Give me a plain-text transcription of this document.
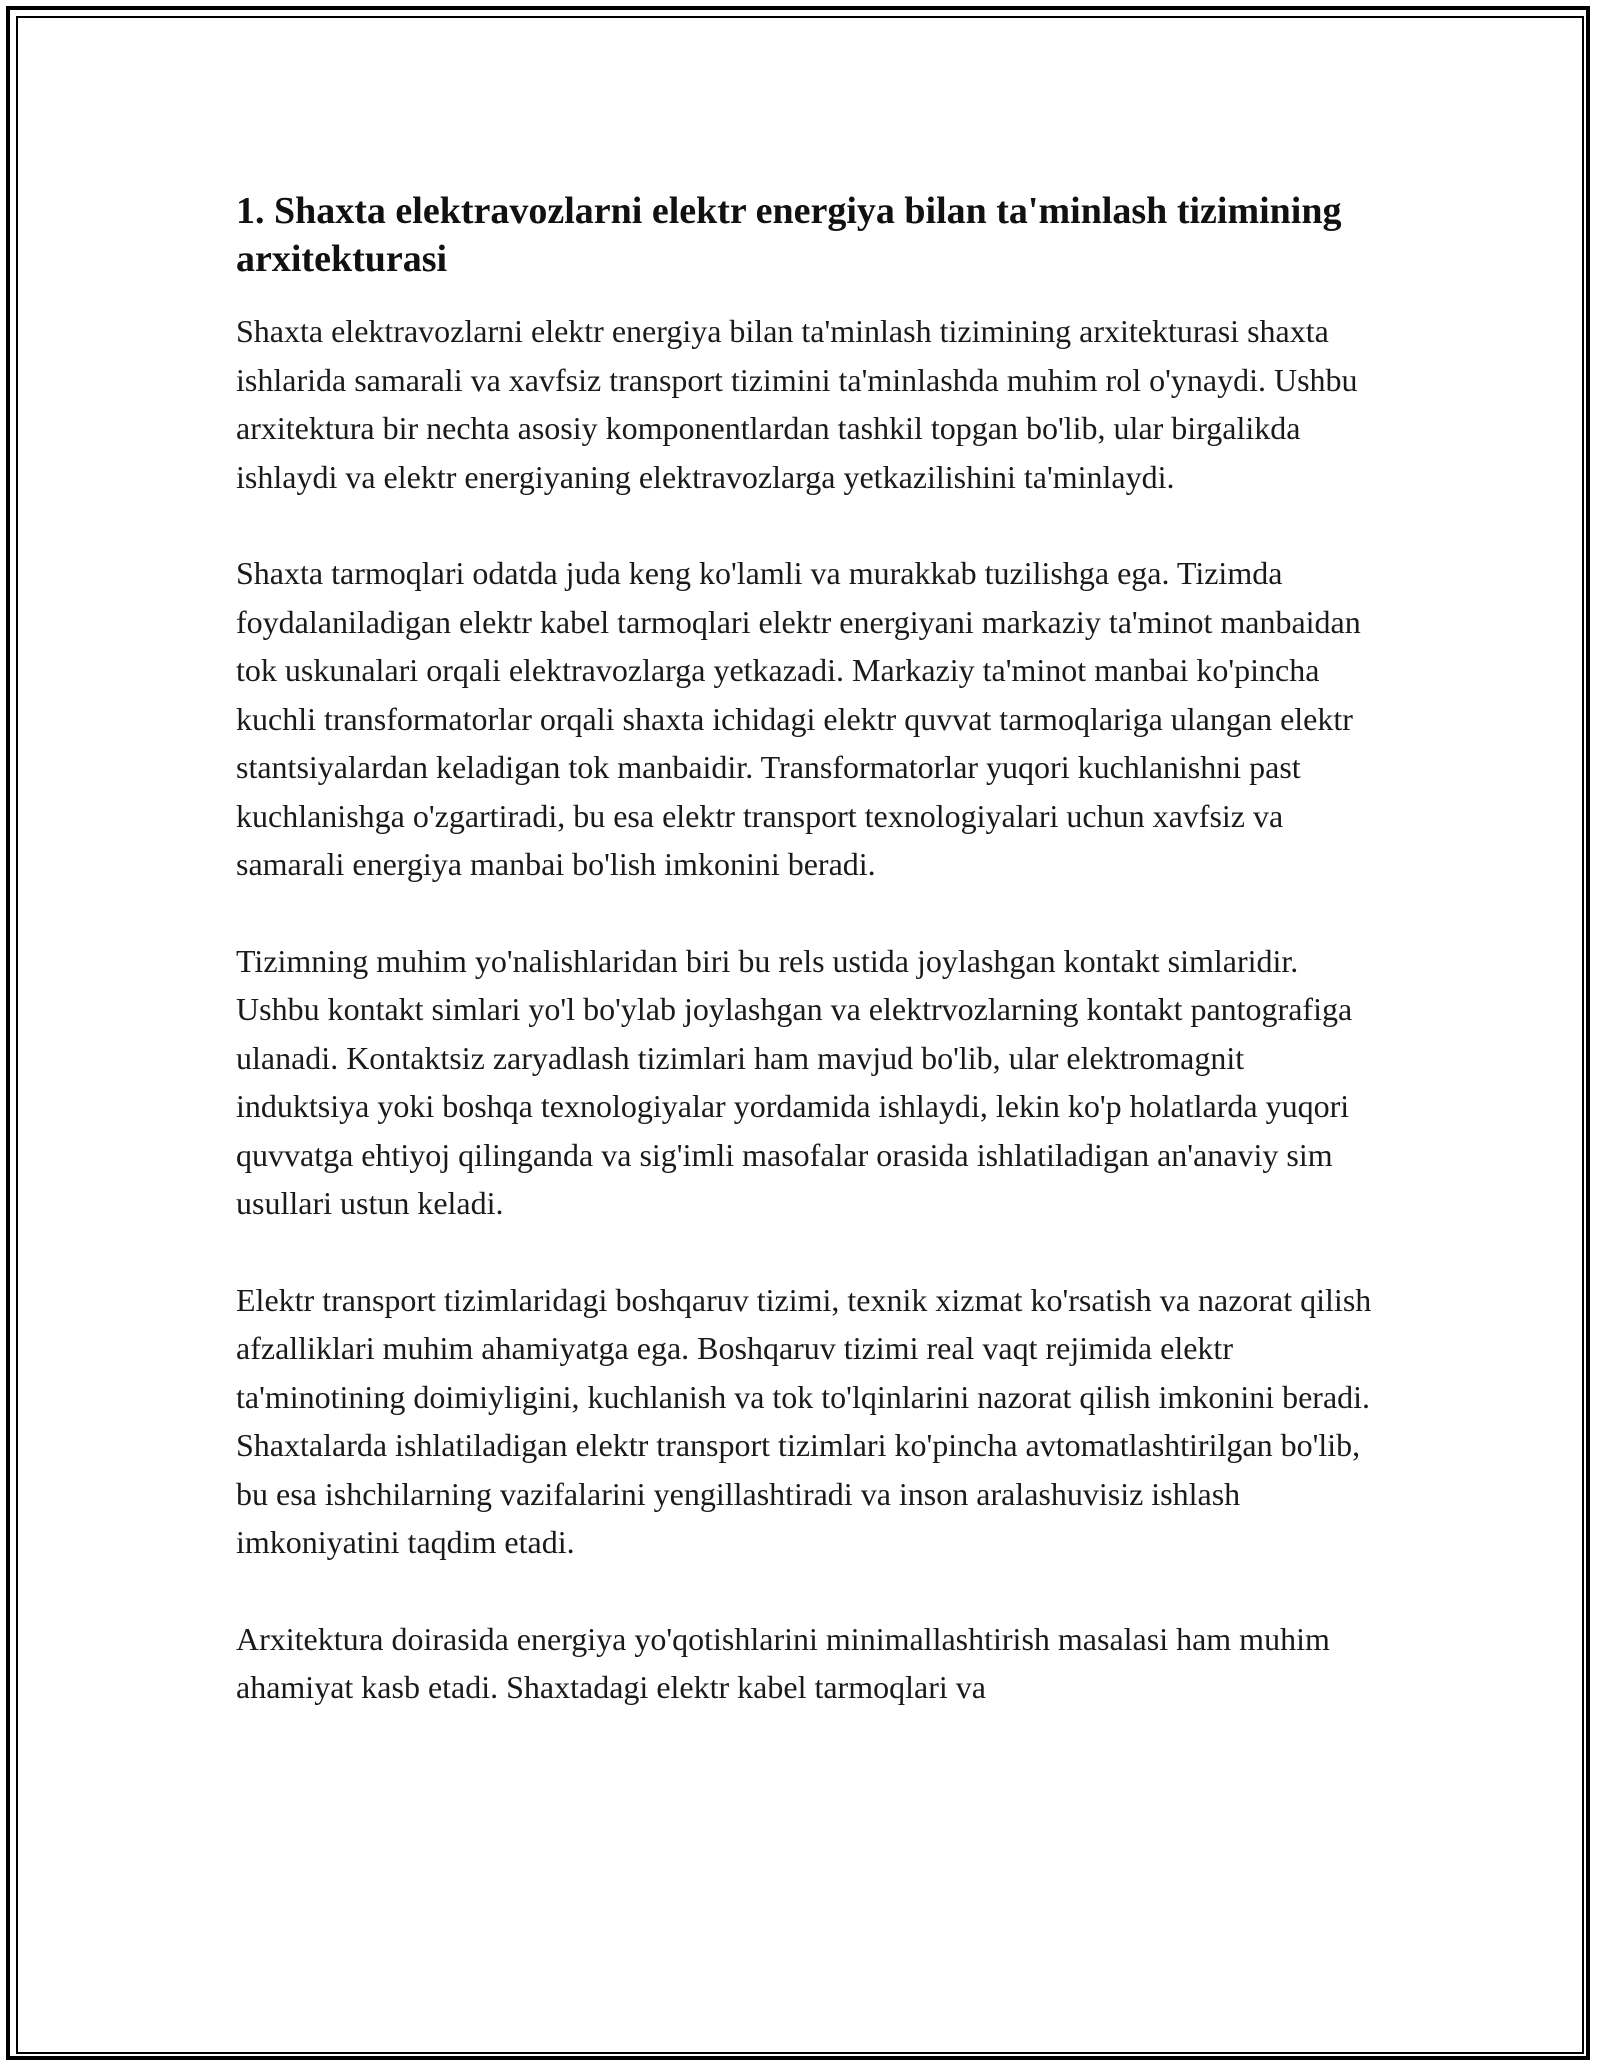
1. Shaxta elektravozlarni elektr energiya bilan ta'minlash tizimining arxitekturasi

Shaxta elektravozlarni elektr energiya bilan ta'minlash tizimining arxitekturasi shaxta ishlarida samarali va xavfsiz transport tizimini ta'minlashda muhim rol o'ynaydi. Ushbu arxitektura bir nechta asosiy komponentlardan tashkil topgan bo'lib, ular birgalikda ishlaydi va elektr energiyaning elektravozlarga yetkazilishini ta'minlaydi.

Shaxta tarmoqlari odatda juda keng ko'lamli va murakkab tuzilishga ega. Tizimda foydalaniladigan elektr kabel tarmoqlari elektr energiyani markaziy ta'minot manbaidan tok uskunalari orqali elektravozlarga yetkazadi. Markaziy ta'minot manbai ko'pincha kuchli transformatorlar orqali shaxta ichidagi elektr quvvat tarmoqlariga ulangan elektr stantsiyalardan keladigan tok manbaidir. Transformatorlar yuqori kuchlanishni past kuchlanishga o'zgartiradi, bu esa elektr transport texnologiyalari uchun xavfsiz va samarali energiya manbai bo'lish imkonini beradi.

Tizimning muhim yo'nalishlaridan biri bu rels ustida joylashgan kontakt simlaridir. Ushbu kontakt simlari yo'l bo'ylab joylashgan va elektrvozlarning kontakt pantografiga ulanadi. Kontaktsiz zaryadlash tizimlari ham mavjud bo'lib, ular elektromagnit induktsiya yoki boshqa texnologiyalar yordamida ishlaydi, lekin ko'p holatlarda yuqori quvvatga ehtiyoj qilinganda va sig'imli masofalar orasida ishlatiladigan an'anaviy sim usullari ustun keladi.

Elektr transport tizimlaridagi boshqaruv tizimi, texnik xizmat ko'rsatish va nazorat qilish afzalliklari muhim ahamiyatga ega. Boshqaruv tizimi real vaqt rejimida elektr ta'minotining doimiyligini, kuchlanish va tok to'lqinlarini nazorat qilish imkonini beradi. Shaxtalarda ishlatiladigan elektr transport tizimlari ko'pincha avtomatlashtirilgan bo'lib, bu esa ishchilarning vazifalarini yengillashtiradi va inson aralashuvisiz ishlash imkoniyatini taqdim etadi.

Arxitektura doirasida energiya yo'qotishlarini minimallashtirish masalasi ham muhim ahamiyat kasb etadi. Shaxtadagi elektr kabel tarmoqlari va
